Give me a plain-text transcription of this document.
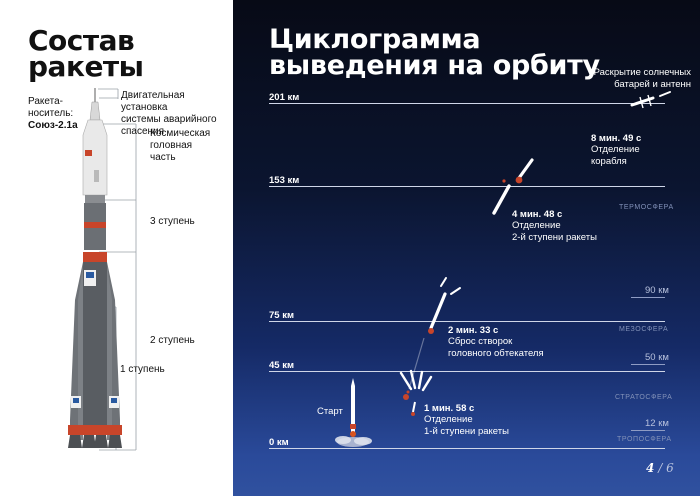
Состав
ракеты
Ракета-
носитель:
Союз-2.1а
Двигательная установка
системы аварийного
спасения
Космическая
головная
часть
3 ступень
2 ступень
1 ступень
Циклограмма
выведения на орбиту
201 км
153 км
75 км
45 км
0 км
ТЕРМОСФЕРА
МЕЗОСФЕРА
СТРАТОСФЕРА
ТРОПОСФЕРА
90 км
50 км
12 км
Старт	1 мин. 58 с
Отделение
1-й ступени ракеты
2 мин. 33 с
Сброс створок
головного обтекателя
4 мин. 48 с
Отделение
2-й ступени ракеты
8 мин. 49 с
Отделение
корабля
Раскрытие солнечных
батарей и антенн
4 / 6
